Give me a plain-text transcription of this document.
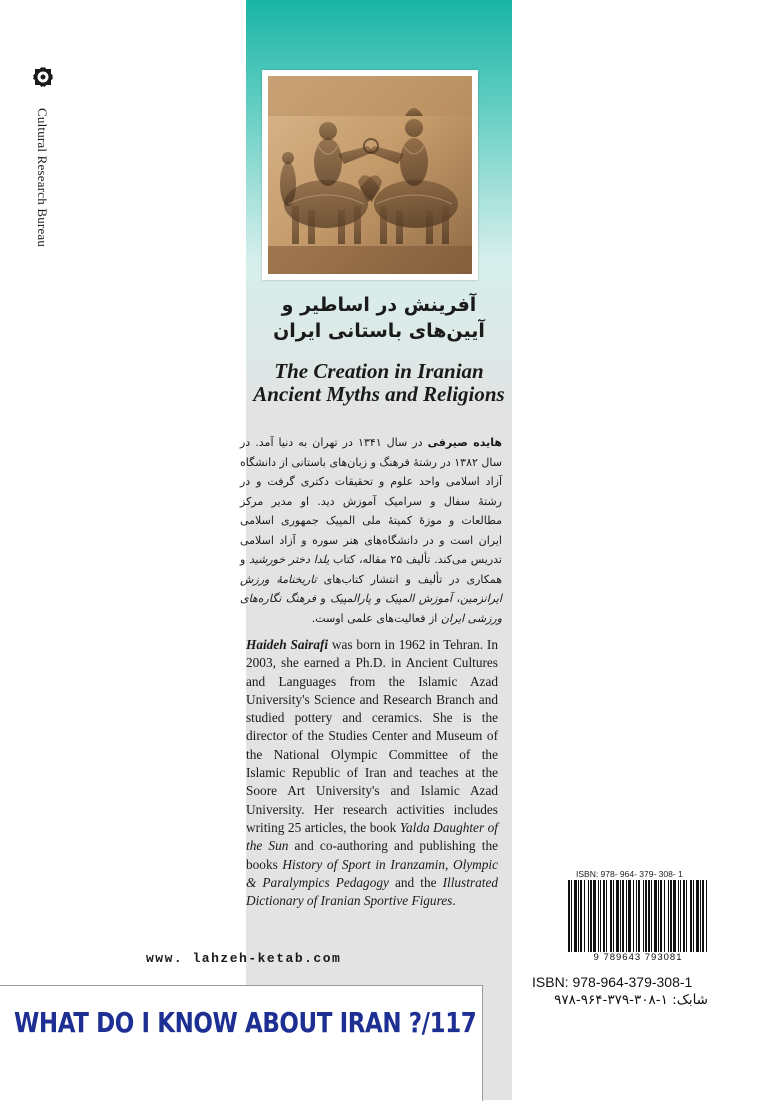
Cultural Research Bureau
آفرینش در اساطیر و
آیین‌های باستانی ایران
The Creation in Iranian
Ancient Myths and Religions
هایده صیرفی در سال ۱۳۴۱ در تهران به دنیا آمد. در سال ۱۳۸۲ در رشتهٔ فرهنگ و زبان‌های باستانی از دانشگاه آزاد اسلامی واحد علوم و تحقیقات دکتری گرفت و در رشتهٔ سفال و سرامیک آموزش دید. او مدیر مرکز مطالعات و موزهٔ کمیتهٔ ملی المپیک جمهوری اسلامی ایران است و در دانشگاه‌های هنر سوره و آزاد اسلامی تدریس می‌کند. تألیف ۲۵ مقاله، کتاب یلدا دختر خورشید و همکاری در تألیف و انتشار کتاب‌های تاریخنامهٔ ورزش ایرانزمین، آموزش المپیک و پارالمپیک و فرهنگ نگاره‌های ورزشی ایران از فعالیت‌های علمی اوست.
Haideh Sairafi was born in 1962 in Tehran. In 2003, she earned a Ph.D. in Ancient Cultures and Languages from the Islamic Azad University's Science and Research Branch and studied pottery and ceramics. She is the director of the Studies Center and Museum of the National Olympic Committee of the Islamic Republic of Iran and teaches at the Soore Art University's and Islamic Azad University. Her research activities includes writing 25 articles, the book Yalda Daughter of the Sun and co-authoring and publishing the books History of Sport in Iranzamin, Olympic & Paralympics Pedagogy and the Illustrated Dictionary of Iranian Sportive Figures.
www. lahzeh-ketab.com
WHAT DO I KNOW ABOUT IRAN ?/117
ISBN: 978- 964- 379- 308- 1
9 789643 793081
ISBN: 978-964-379-308-1
شابک: ۱-۳۰۸-۳۷۹-۹۶۴-۹۷۸
